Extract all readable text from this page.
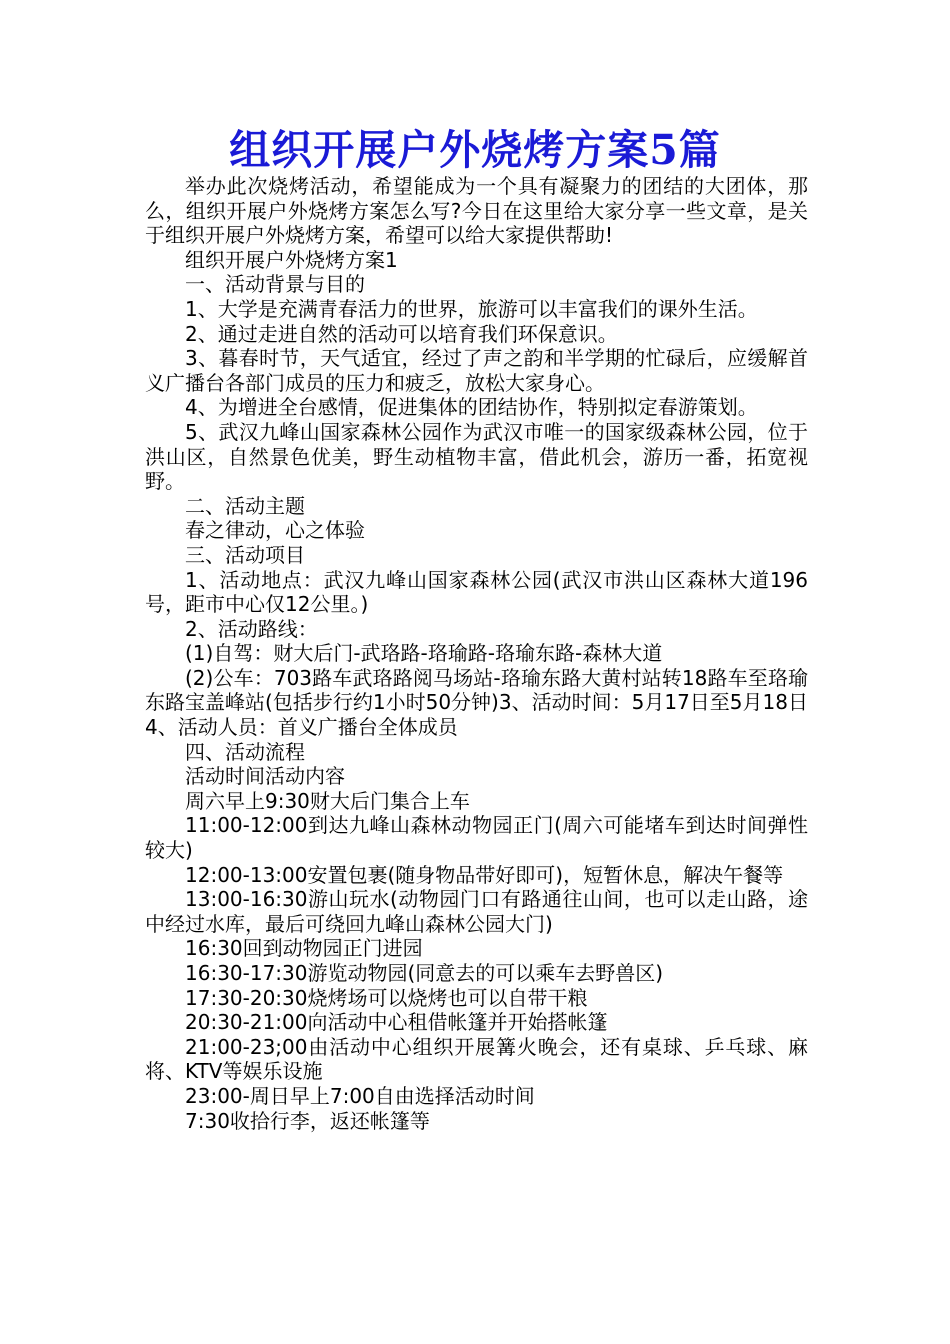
组织开展户外烧烤方案5篇

举办此次烧烤活动，希望能成为一个具有凝聚力的团结的大团体，那么，组织开展户外烧烤方案怎么写?今日在这里给大家分享一些文章，是关于组织开展户外烧烤方案，希望可以给大家提供帮助!

组织开展户外烧烤方案1

一、活动背景与目的

1、大学是充满青春活力的世界，旅游可以丰富我们的课外生活。

2、通过走进自然的活动可以培育我们环保意识。

3、暮春时节，天气适宜，经过了声之韵和半学期的忙碌后，应缓解首义广播台各部门成员的压力和疲乏，放松大家身心。

4、为增进全台感情，促进集体的团结协作，特别拟定春游策划。

5、武汉九峰山国家森林公园作为武汉市唯一的国家级森林公园，位于洪山区，自然景色优美，野生动植物丰富，借此机会，游历一番，拓宽视野。

二、活动主题

春之律动，心之体验

三、活动项目

1、活动地点：武汉九峰山国家森林公园(武汉市洪山区森林大道196号，距市中心仅12公里。)

2、活动路线：

(1)自驾：财大后门-武珞路-珞瑜路-珞瑜东路-森林大道

(2)公车：703路车武珞路阅马场站-珞瑜东路大黄村站转18路车至珞瑜东路宝盖峰站(包括步行约1小时50分钟)3、活动时间：5月17日至5月18日4、活动人员：首义广播台全体成员

四、活动流程

活动时间活动内容

周六早上9:30财大后门集合上车

11:00-12:00到达九峰山森林动物园正门(周六可能堵车到达时间弹性较大)

12:00-13:00安置包裹(随身物品带好即可)，短暂休息，解决午餐等

13:00-16:30游山玩水(动物园门口有路通往山间，也可以走山路，途中经过水库，最后可绕回九峰山森林公园大门)

16:30回到动物园正门进园

16:30-17:30游览动物园(同意去的可以乘车去野兽区)

17:30-20:30烧烤场可以烧烤也可以自带干粮

20:30-21:00向活动中心租借帐篷并开始搭帐篷

21:00-23;00由活动中心组织开展篝火晚会，还有桌球、乒乓球、麻将、KTV等娱乐设施

23:00-周日早上7:00自由选择活动时间

7:30收拾行李，返还帐篷等
